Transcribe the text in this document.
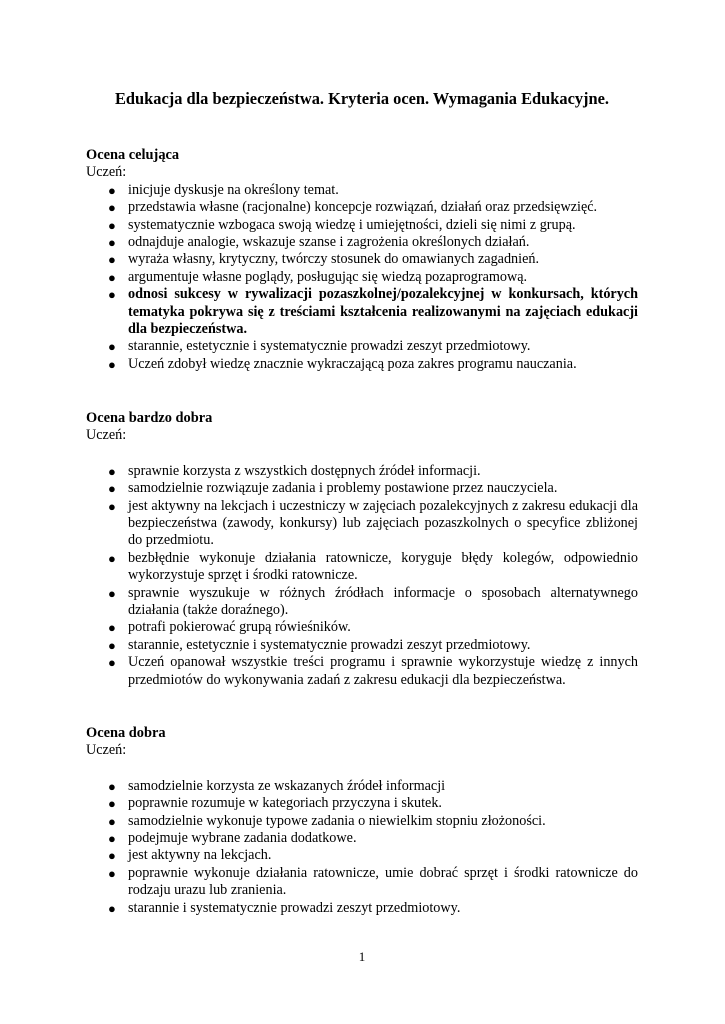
Edukacja dla bezpieczeństwa. Kryteria ocen. Wymagania Edukacyjne.

Ocena celująca

Uczeń:

● inicjuje dyskusje na określony temat.
● przedstawia własne (racjonalne) koncepcje rozwiązań, działań oraz przedsięwzięć.
● systematycznie wzbogaca swoją wiedzę i umiejętności, dzieli się nimi z grupą.
● odnajduje analogie, wskazuje szanse i zagrożenia określonych działań.
● wyraża własny, krytyczny, twórczy stosunek do omawianych zagadnień.
● argumentuje własne poglądy, posługując się wiedzą pozaprogramową.
● odnosi sukcesy w rywalizacji pozaszkolnej/pozalekcyjnej w konkursach, których tematyka pokrywa się z treściami kształcenia realizowanymi na zajęciach edukacji dla bezpieczeństwa.
● starannie, estetycznie i systematycznie prowadzi zeszyt przedmiotowy.
● Uczeń zdobył wiedzę znacznie wykraczającą poza zakres programu nauczania.

Ocena bardzo dobra

Uczeń:

● sprawnie korzysta z wszystkich dostępnych źródeł informacji.
● samodzielnie rozwiązuje zadania i problemy postawione przez nauczyciela.
● jest aktywny na lekcjach i uczestniczy w zajęciach pozalekcyjnych z zakresu edukacji dla bezpieczeństwa (zawody, konkursy) lub zajęciach pozaszkolnych o specyfice zbliżonej do przedmiotu.
● bezbłędnie wykonuje działania ratownicze, koryguje błędy kolegów, odpowiednio wykorzystuje sprzęt i środki ratownicze.
● sprawnie wyszukuje w różnych źródłach informacje o sposobach alternatywnego działania (także doraźnego).
● potrafi pokierować grupą rówieśników.
● starannie, estetycznie i systematycznie prowadzi zeszyt przedmiotowy.
● Uczeń opanował wszystkie treści programu i sprawnie wykorzystuje wiedzę z innych przedmiotów do wykonywania zadań z zakresu edukacji dla bezpieczeństwa.

Ocena dobra

Uczeń:

● samodzielnie korzysta ze wskazanych źródeł informacji
● poprawnie rozumuje w kategoriach przyczyna i skutek.
● samodzielnie wykonuje typowe zadania o niewielkim stopniu złożoności.
● podejmuje wybrane zadania dodatkowe.
● jest aktywny na lekcjach.
● poprawnie wykonuje działania ratownicze, umie dobrać sprzęt i środki ratownicze do rodzaju urazu lub zranienia.
● starannie i systematycznie prowadzi zeszyt przedmiotowy.
1
